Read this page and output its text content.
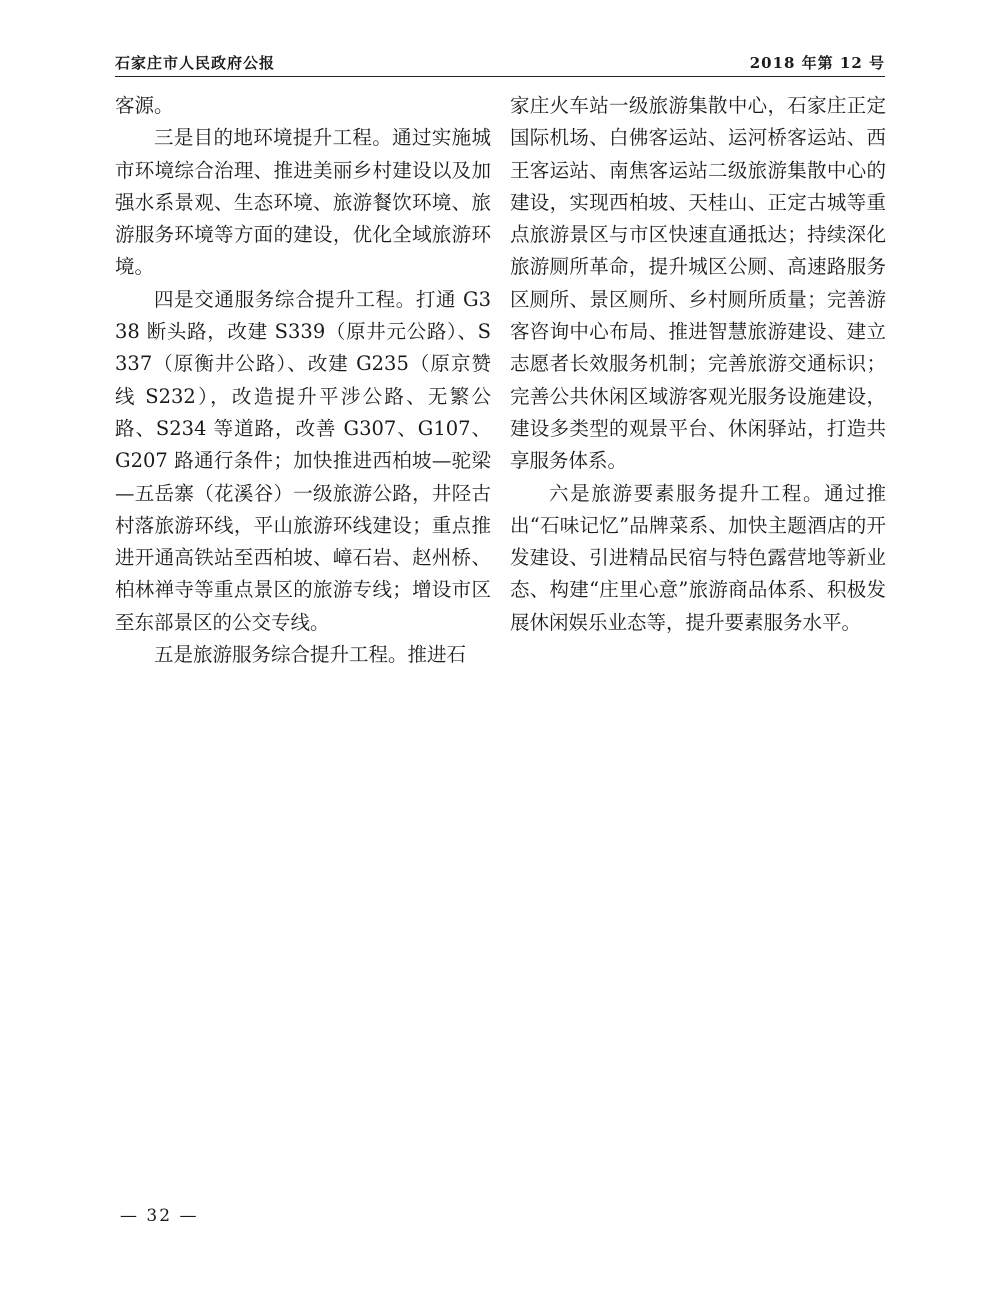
石家庄市人民政府公报	2018 年第 12 号

客源。

三是目的地环境提升工程。通过实施城市环境综合治理、推进美丽乡村建设以及加强水系景观、生态环境、旅游餐饮环境、旅游服务环境等方面的建设，优化全域旅游环境。

四是交通服务综合提升工程。打通 G338 断头路，改建 S339（原井元公路）、S337（原衡井公路）、改建 G235（原京赞线 S232），改造提升平涉公路、无繁公路、S234 等道路，改善 G307、G107、G207 路通行条件；加快推进西柏坡—驼梁—五岳寨（花溪谷）一级旅游公路，井陉古村落旅游环线，平山旅游环线建设；重点推进开通高铁站至西柏坡、嶂石岩、赵州桥、柏林禅寺等重点景区的旅游专线；增设市区至东部景区的公交专线。

五是旅游服务综合提升工程。推进石

家庄火车站一级旅游集散中心，石家庄正定国际机场、白佛客运站、运河桥客运站、西王客运站、南焦客运站二级旅游集散中心的建设，实现西柏坡、天桂山、正定古城等重点旅游景区与市区快速直通抵达；持续深化旅游厕所革命，提升城区公厕、高速路服务区厕所、景区厕所、乡村厕所质量；完善游客咨询中心布局、推进智慧旅游建设、建立志愿者长效服务机制；完善旅游交通标识；完善公共休闲区域游客观光服务设施建设，建设多类型的观景平台、休闲驿站，打造共享服务体系。

六是旅游要素服务提升工程。通过推出“石味记忆”品牌菜系、加快主题酒店的开发建设、引进精品民宿与特色露营地等新业态、构建“庄里心意”旅游商品体系、积极发展休闲娱乐业态等，提升要素服务水平。

— 32 —
